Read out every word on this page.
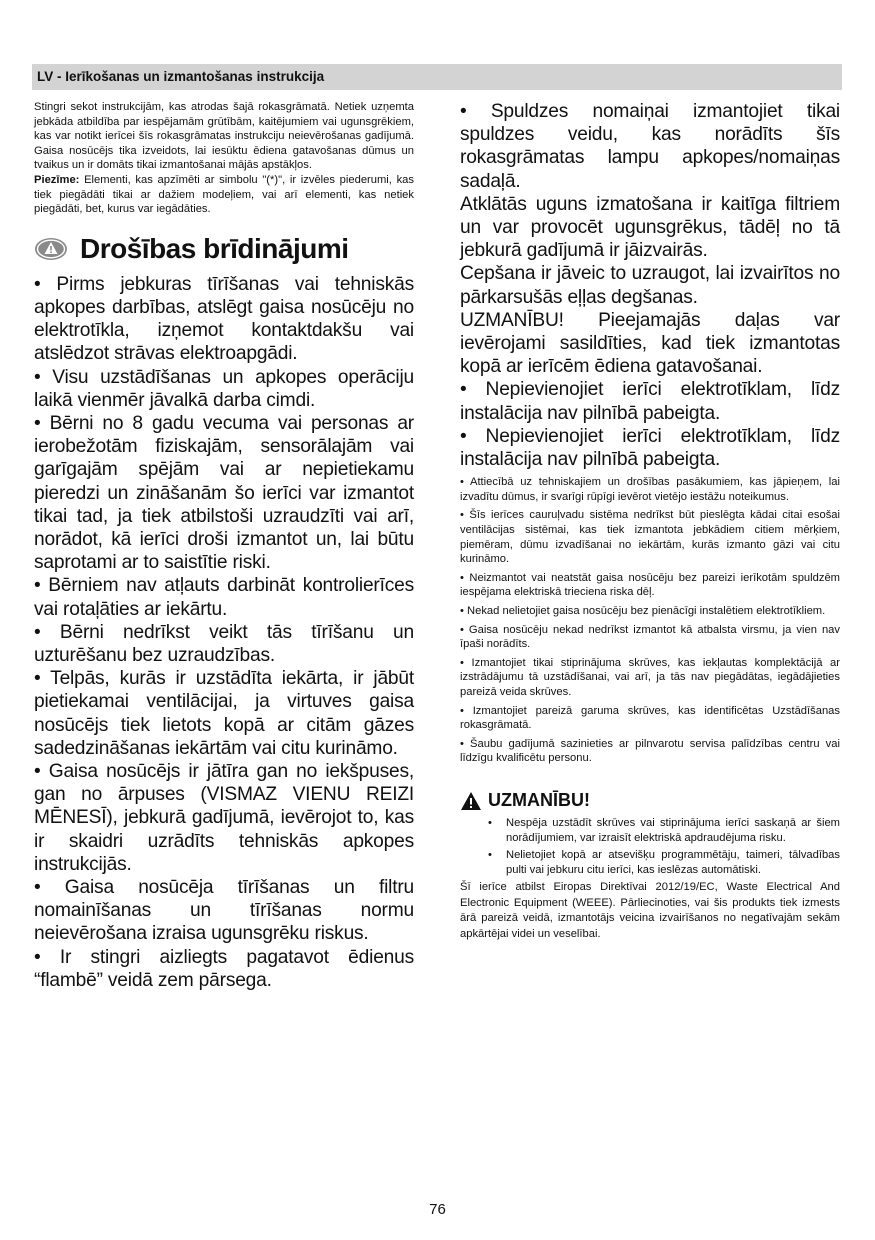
LV - Ierīkošanas un izmantošanas instrukcija

Stingri sekot instrukcijām, kas atrodas šajā rokasgrāmatā. Netiek uzņemta jebkāda atbildība par iespējamām grūtībām, kaitējumiem vai ugunsgrēkiem, kas var notikt ierīcei šīs rokasgrāmatas instrukciju neievērošanas gadījumā. Gaisa nosūcējs tika izveidots, lai iesūktu ēdiena gatavošanas dūmus un tvaikus un ir domāts tikai izmantošanai mājās apstākļos.

Piezīme: Elementi, kas apzīmēti ar simbolu "(*)", ir izvēles piederumi, kas tiek piegādāti tikai ar dažiem modeļiem, vai arī elementi, kas netiek piegādāti, bet, kurus var iegādāties.

Drošības brīdinājumi

• Pirms jebkuras tīrīšanas vai tehniskās apkopes darbības, atslēgt gaisa nosūcēju no elektrotīkla, izņemot kontaktdakšu vai atslēdzot strāvas elektroapgādi.

• Visu uzstādīšanas un apkopes operāciju laikā vienmēr jāvalkā darba cimdi.

• Bērni no 8 gadu vecuma vai personas ar ierobežotām fiziskajām, sensorālajām vai garīgajām spējām vai ar nepietiekamu pieredzi un zināšanām šo ierīci var izmantot tikai tad, ja tiek atbilstoši uzraudzīti vai arī, norādot, kā ierīci droši izmantot un, lai būtu saprotami ar to saistītie riski.

• Bērniem nav atļauts darbināt kontrolierīces vai rotaļāties ar iekārtu.

• Bērni nedrīkst veikt tās tīrīšanu un uzturēšanu bez uzraudzības.

• Telpās, kurās ir uzstādīta iekārta, ir jābūt pietiekamai ventilācijai, ja virtuves gaisa nosūcējs tiek lietots kopā ar citām gāzes sadedzināšanas iekārtām vai citu kurināmo.

• Gaisa nosūcējs ir jātīra gan no iekšpuses, gan no ārpuses (VISMAZ VIENU REIZI MĒNESĪ), jebkurā gadījumā, ievērojot to, kas ir skaidri uzrādīts tehniskās apkopes instrukcijās.

• Gaisa nosūcēja tīrīšanas un filtru nomainīšanas un tīrīšanas normu neievērošana izraisa ugunsgrēku riskus.

• Ir stingri aizliegts pagatavot ēdienus “flambē” veidā zem pārsega.

• Spuldzes nomaiņai izmantojiet tikai spuldzes veidu, kas norādīts šīs rokasgrāmatas lampu apkopes/nomaiņas sadaļā.

Atklātās uguns izmatošana ir kaitīga filtriem un var provocēt ugunsgrēkus, tādēļ no tā jebkurā gadījumā ir jāizvairās.

Cepšana ir jāveic to uzraugot, lai izvairītos no pārkarsušās eļļas degšanas.

UZMANĪBU! Pieejamajās daļas var ievērojami sasildīties, kad tiek izmantotas kopā ar ierīcēm ēdiena gatavošanai.

• Nepievienojiet ierīci elektrotīklam, līdz instalācija nav pilnībā pabeigta.

• Nepievienojiet ierīci elektrotīklam, līdz instalācija nav pilnībā pabeigta.

• Attiecībā uz tehniskajiem un drošības pasākumiem, kas jāpieņem, lai izvadītu dūmus, ir svarīgi rūpīgi ievērot vietējo iestāžu noteikumus.

• Šīs ierīces cauruļvadu sistēma nedrīkst būt pieslēgta kādai citai esošai ventilācijas sistēmai, kas tiek izmantota jebkādiem citiem mērķiem, piemēram, dūmu izvadīšanai no iekārtām, kurās izmanto gāzi vai citu kurināmo.

• Neizmantot vai neatstāt gaisa nosūcēju bez pareizi ierīkotām spuldzēm iespējama elektriskā trieciena riska dēļ.

• Nekad nelietojiet gaisa nosūcēju bez pienācīgi instalētiem elektrotīkliem.

• Gaisa nosūcēju nekad nedrīkst izmantot kā atbalsta virsmu, ja vien nav īpaši norādīts.

• Izmantojiet tikai stiprinājuma skrūves, kas iekļautas komplektācijā ar izstrādājumu tā uzstādīšanai, vai arī, ja tās nav piegādātas, iegādājieties pareizā veida skrūves.

• Izmantojiet pareizā garuma skrūves, kas identificētas Uzstādīšanas rokasgrāmatā.

• Šaubu gadījumā sazinieties ar pilnvarotu servisa palīdzības centru vai līdzīgu kvalificētu personu.

UZMANĪBU!
• Nespēja uzstādīt skrūves vai stiprinājuma ierīci saskaņā ar šiem norādījumiem, var izraisīt elektriskā apdraudējuma risku.
• Nelietojiet kopā ar atsevišķu programmētāju, taimeri, tālvadības pulti vai jebkuru citu ierīci, kas ieslēzas automātiski.

Šī ierīce atbilst Eiropas Direktīvai 2012/19/EC, Waste Electrical And Electronic Equipment (WEEE). Pārliecinoties, vai šis produkts tiek izmests ārā pareizā veidā, izmantotājs veicina izvairīšanos no negatīvajām sekām apkārtējai videi un veselībai.

76
